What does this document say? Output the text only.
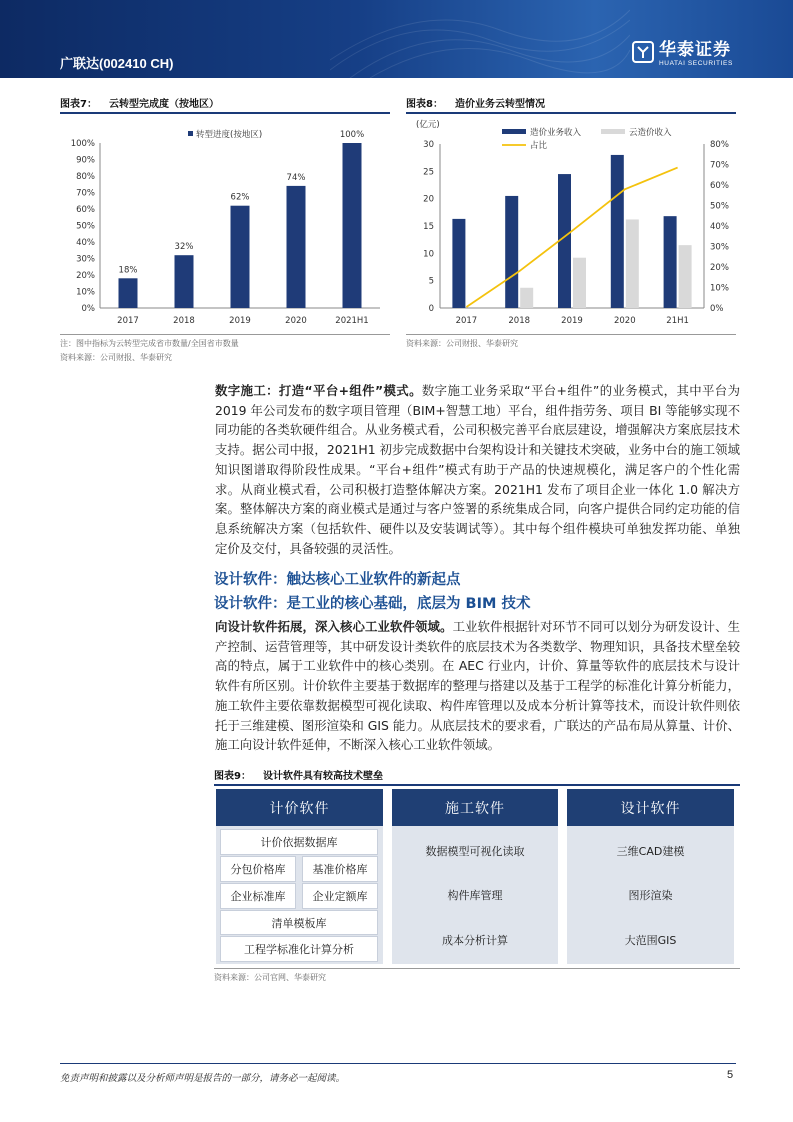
广联达(002410 CH)
华泰证券
HUATAI SECURITIES
图表7： 云转型完成度（按地区）	图表8： 造价业务云转型情况
0%
10%
20%
30%
40%
50%
60%
70%
80%
90%
100%
18%
2017
32%
2018
62%
2019
74%
2020
100%
2021H1
转型进度(按地区)
注：图中指标为云转型完成省市数量/全国省市数量
资料来源：公司财报、华泰研究
(亿元)
0
5
10
15
20
25
30
0%
10%
20%
30%
40%
50%
60%
70%
80%
2017	2018	2019	2020	21H1
造价业务收入	云造价收入
占比
资料来源：公司财报、华泰研究
数字施工：打造“平台+组件”模式。数字施工业务采取“平台+组件”的业务模式，其中平台为 2019 年公司发布的数字项目管理（BIM+智慧工地）平台，组件指劳务、项目 BI 等能够实现不同功能的各类软硬件组合。从业务模式看，公司积极完善平台底层建设，增强解决方案底层技术支持。据公司中报，2021H1 初步完成数据中台架构设计和关键技术突破，业务中台的施工领域知识图谱取得阶段性成果。“平台+组件”模式有助于产品的快速规模化，满足客户的个性化需求。从商业模式看，公司积极打造整体解决方案。2021H1 发布了项目企业一体化 1.0 解决方案。整体解决方案的商业模式是通过与客户签署的系统集成合同，向客户提供合同约定功能的信息系统解决方案（包括软件、硬件以及安装调试等）。其中每个组件模块可单独发挥功能、单独定价及交付，具备较强的灵活性。
设计软件：触达核心工业软件的新起点
设计软件：是工业的核心基础，底层为 BIM 技术
向设计软件拓展，深入核心工业软件领域。工业软件根据针对环节不同可以划分为研发设计、生产控制、运营管理等，其中研发设计类软件的底层技术为各类数学、物理知识，具备技术壁垒较高的特点，属于工业软件中的核心类别。在 AEC 行业内，计价、算量等软件的底层技术与设计软件有所区别。计价软件主要基于数据库的整理与搭建以及基于工程学的标准化计算分析能力，施工软件主要依靠数据模型可视化读取、构件库管理以及成本分析计算等技术，而设计软件则依托于三维建模、图形渲染和 GIS 能力。从底层技术的要求看，广联达的产品布局从算量、计价、施工向设计软件延伸，不断深入核心工业软件领域。
图表9： 设计软件具有较高技术壁垒
计价软件
计价依据数据库
分包价格库	基准价格库
企业标准库	企业定额库
清单模板库
工程学标准化计算分析
施工软件
数据模型可视化读取
构件库管理
成本分析计算
设计软件
三维CAD建模
图形渲染
大范围GIS
资料来源：公司官网、华泰研究
免责声明和披露以及分析师声明是报告的一部分，请务必一起阅读。	5
